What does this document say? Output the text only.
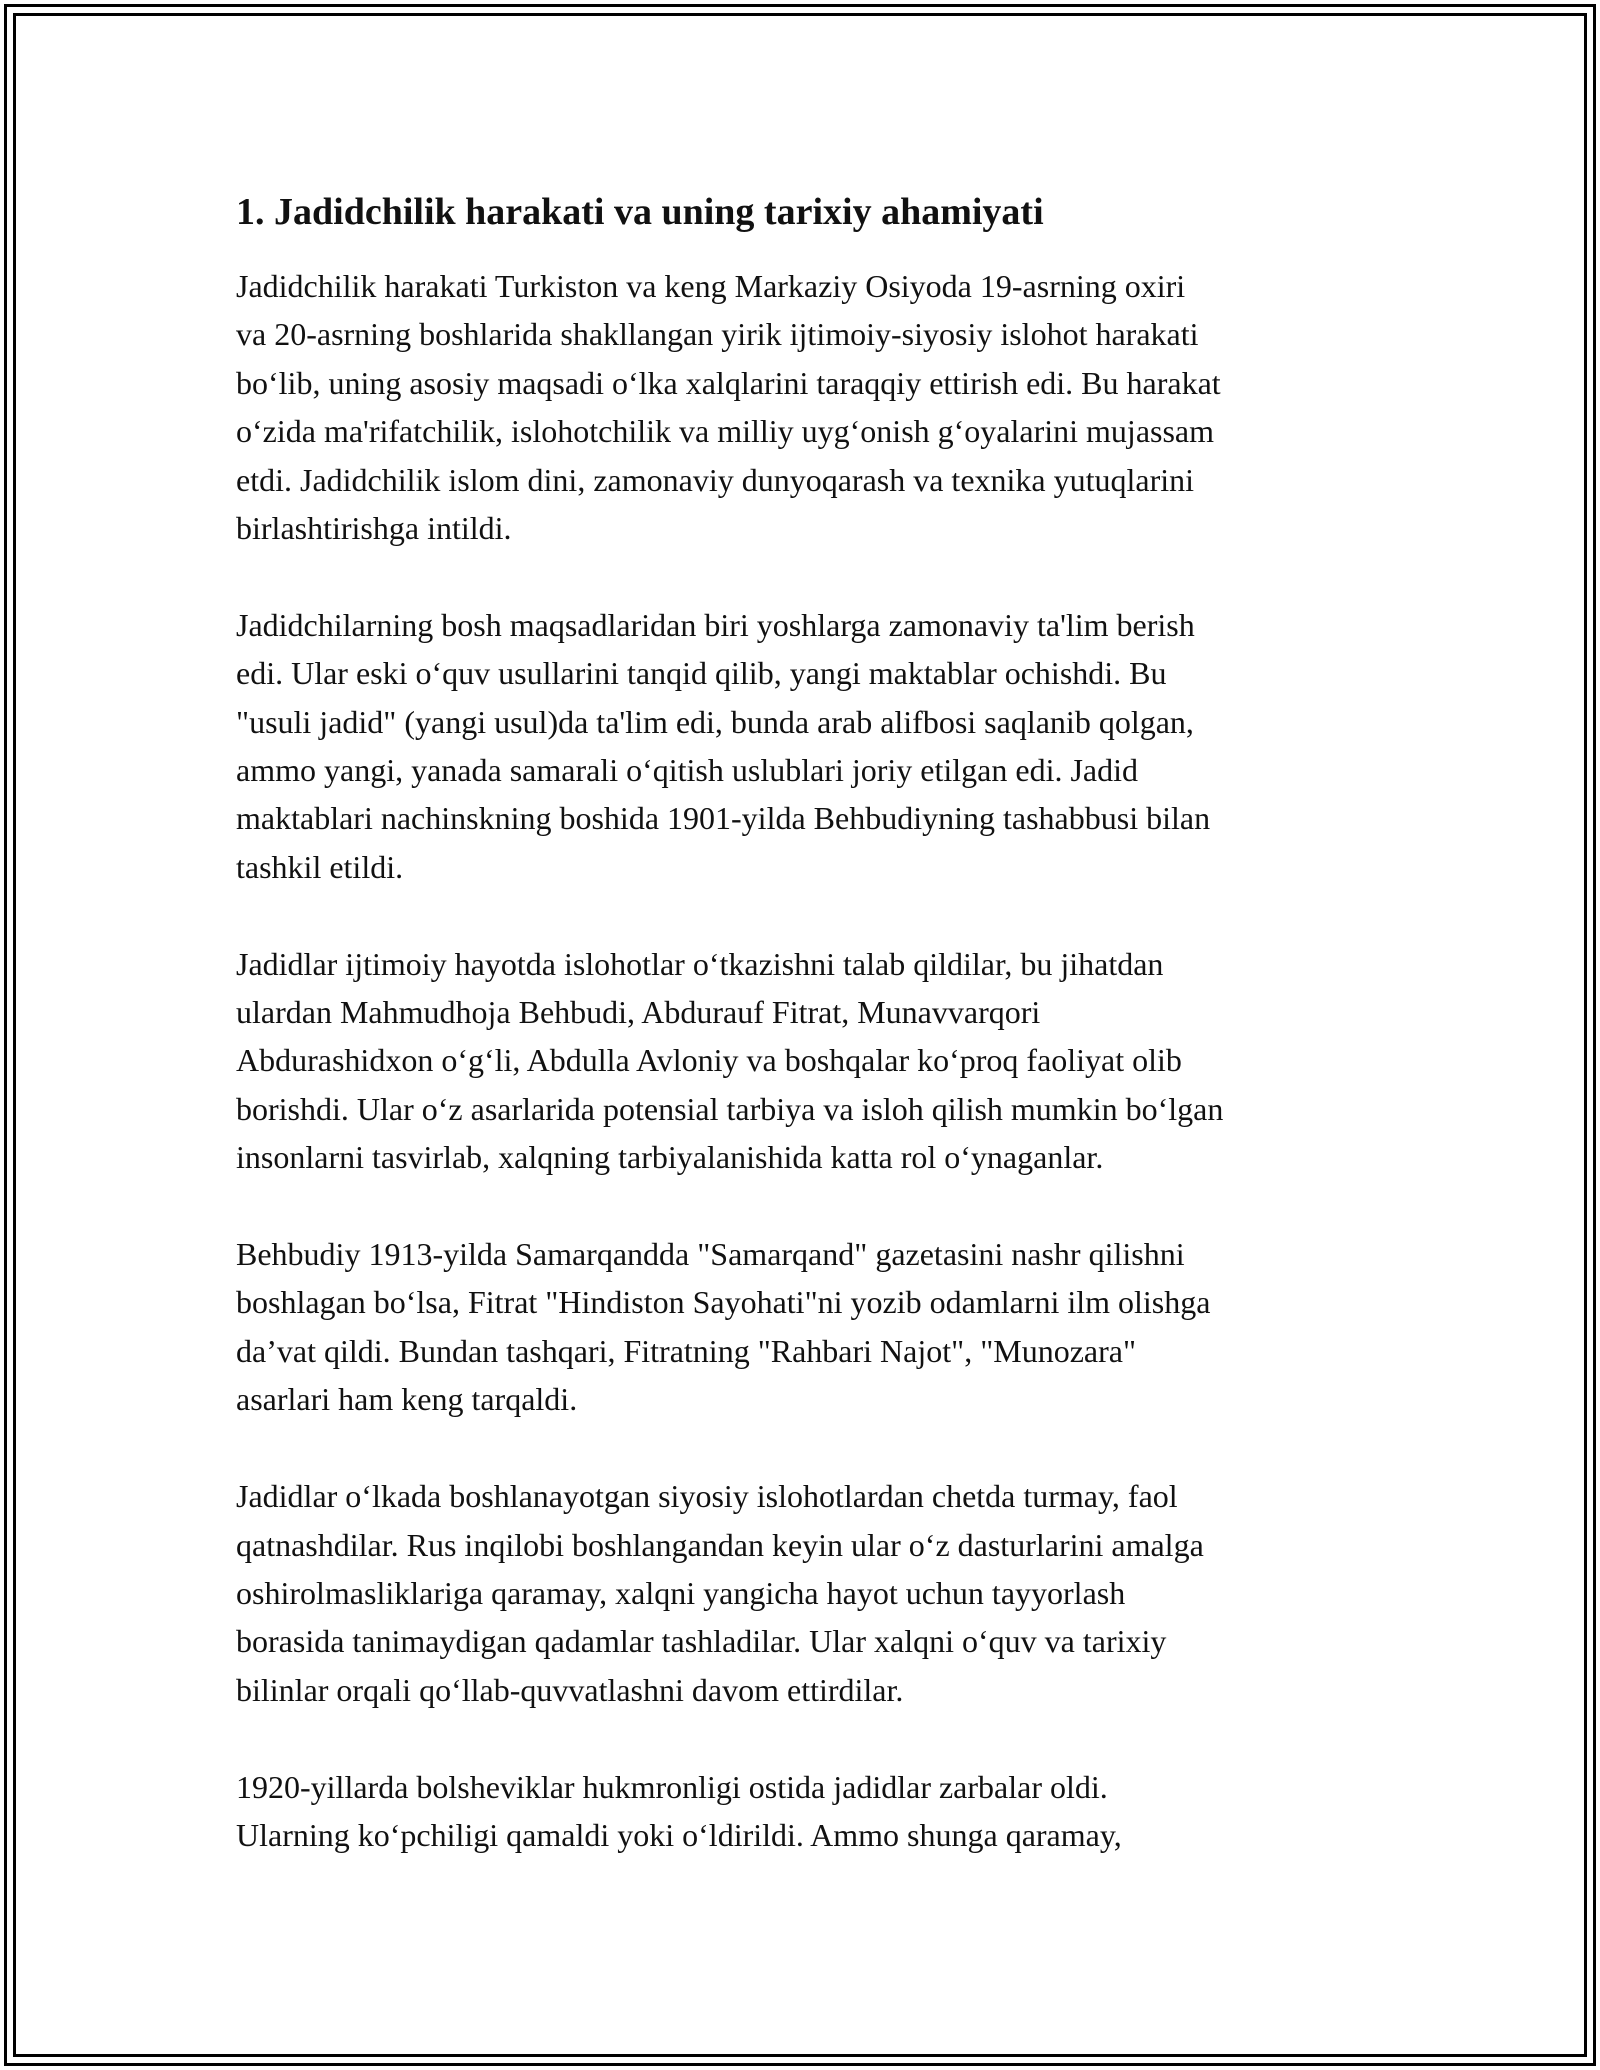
1. Jadidchilik harakati va uning tarixiy ahamiyati

Jadidchilik harakati Turkiston va keng Markaziy Osiyoda 19-asrning oxiri
va 20-asrning boshlarida shakllangan yirik ijtimoiy-siyosiy islohot harakati
bo‘lib, uning asosiy maqsadi o‘lka xalqlarini taraqqiy ettirish edi. Bu harakat
o‘zida ma'rifatchilik, islohotchilik va milliy uyg‘onish g‘oyalarini mujassam
etdi. Jadidchilik islom dini, zamonaviy dunyoqarash va texnika yutuqlarini
birlashtirishga intildi.

Jadidchilarning bosh maqsadlaridan biri yoshlarga zamonaviy ta'lim berish
edi. Ular eski o‘quv usullarini tanqid qilib, yangi maktablar ochishdi. Bu
"usuli jadid" (yangi usul)da ta'lim edi, bunda arab alifbosi saqlanib qolgan,
ammo yangi, yanada samarali o‘qitish uslublari joriy etilgan edi. Jadid
maktablari nachinskning boshida 1901-yilda Behbudiyning tashabbusi bilan
tashkil etildi.

Jadidlar ijtimoiy hayotda islohotlar o‘tkazishni talab qildilar, bu jihatdan
ulardan Mahmudhoja Behbudi, Abdurauf Fitrat, Munavvarqori
Abdurashidxon o‘g‘li, Abdulla Avloniy va boshqalar ko‘proq faoliyat olib
borishdi. Ular o‘z asarlarida potensial tarbiya va isloh qilish mumkin bo‘lgan
insonlarni tasvirlab, xalqning tarbiyalanishida katta rol o‘ynaganlar.

Behbudiy 1913-yilda Samarqandda "Samarqand" gazetasini nashr qilishni
boshlagan bo‘lsa, Fitrat "Hindiston Sayohati"ni yozib odamlarni ilm olishga
da’vat qildi. Bundan tashqari, Fitratning "Rahbari Najot", "Munozara"
asarlari ham keng tarqaldi.

Jadidlar o‘lkada boshlanayotgan siyosiy islohotlardan chetda turmay, faol
qatnashdilar. Rus inqilobi boshlangandan keyin ular o‘z dasturlarini amalga
oshirolmasliklariga qaramay, xalqni yangicha hayot uchun tayyorlash
borasida tanimaydigan qadamlar tashladilar. Ular xalqni o‘quv va tarixiy
bilinlar orqali qo‘llab-quvvatlashni davom ettirdilar.

1920-yillarda bolsheviklar hukmronligi ostida jadidlar zarbalar oldi.
Ularning ko‘pchiligi qamaldi yoki o‘ldirildi. Ammo shunga qaramay,
